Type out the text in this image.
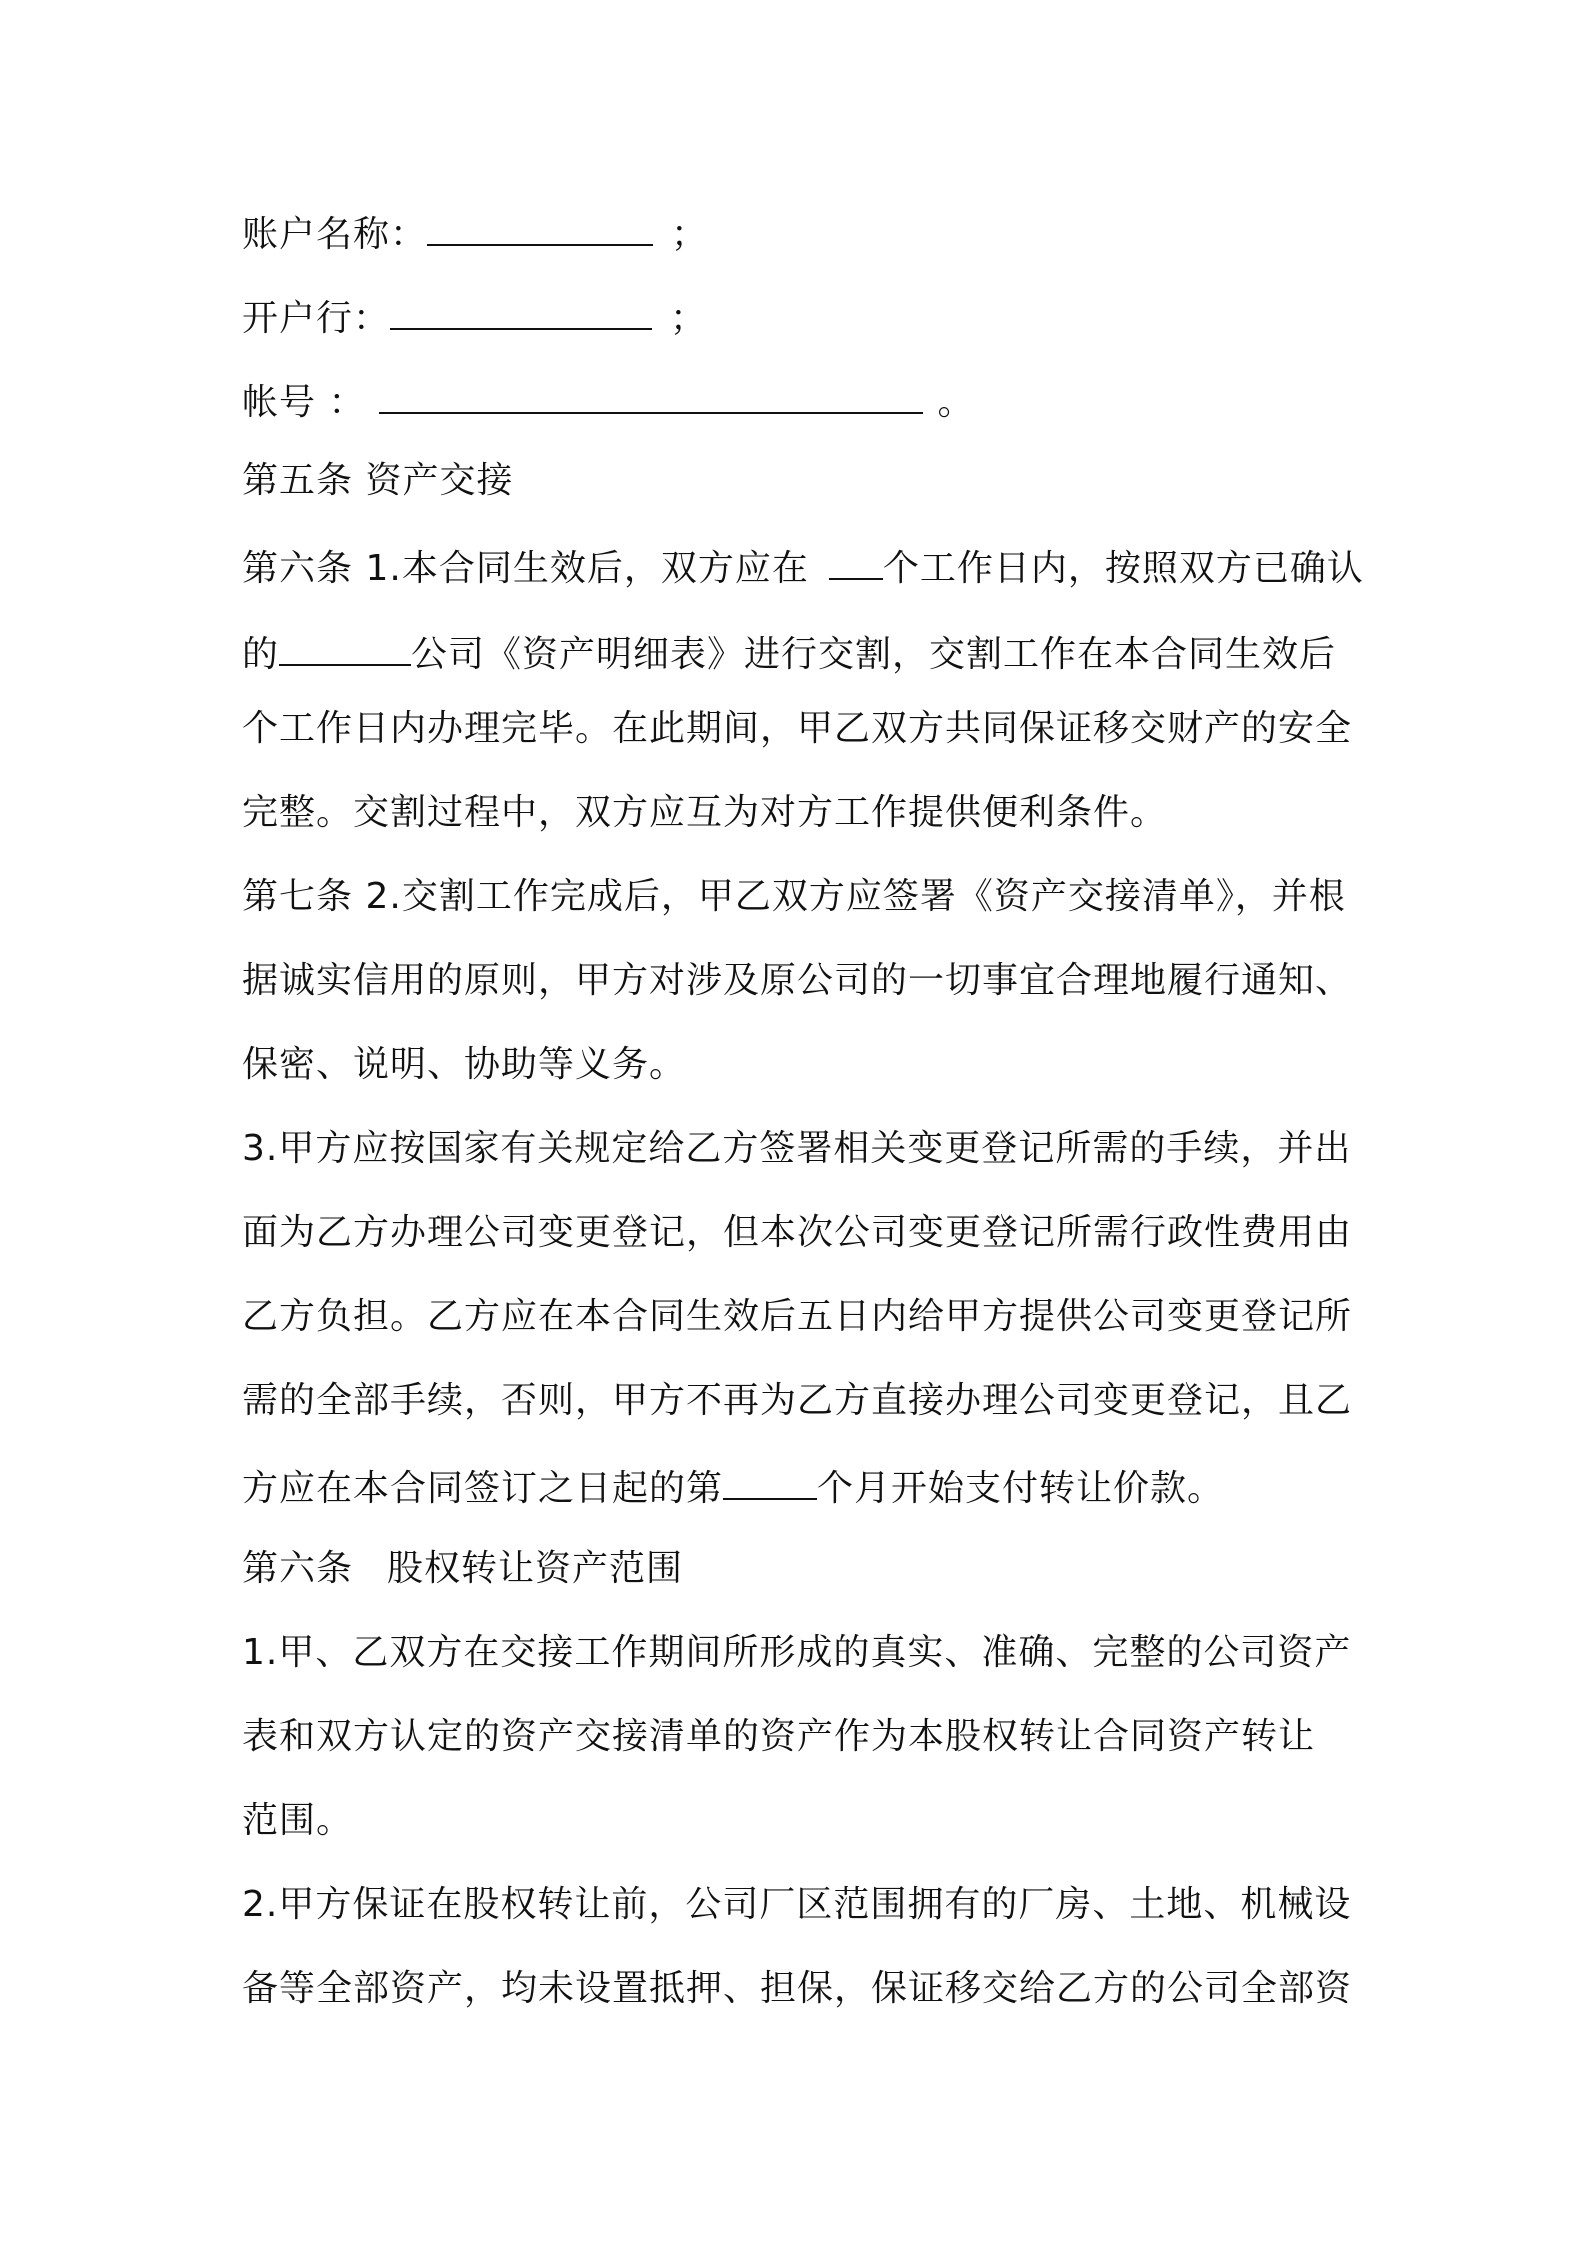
账户名称：	；
开户行：	；
帐号 ：	。
第五条 资产交接
第六条 1.本合同生效后，双方应在 个工作日内，按照双方已确认
的	公司《资产明细表》进行交割，交割工作在本合同生效后
个工作日内办理完毕。在此期间，甲乙双方共同保证移交财产的安全
完整。交割过程中，双方应互为对方工作提供便利条件。
第七条 2.交割工作完成后，甲乙双方应签署《资产交接清单》，并根
据诚实信用的原则，甲方对涉及原公司的一切事宜合理地履行通知、
保密、说明、协助等义务。
3.甲方应按国家有关规定给乙方签署相关变更登记所需的手续，并出
面为乙方办理公司变更登记，但本次公司变更登记所需行政性费用由
乙方负担。乙方应在本合同生效后五日内给甲方提供公司变更登记所
需的全部手续，否则，甲方不再为乙方直接办理公司变更登记，且乙
方应在本合同签订之日起的第	个月开始支付转让价款。
第六条 股权转让资产范围
1.甲、乙双方在交接工作期间所形成的真实、准确、完整的公司资产
表和双方认定的资产交接清单的资产作为本股权转让合同资产转让
范围。
2.甲方保证在股权转让前，公司厂区范围拥有的厂房、土地、机械设
备等全部资产，均未设置抵押、担保，保证移交给乙方的公司全部资
